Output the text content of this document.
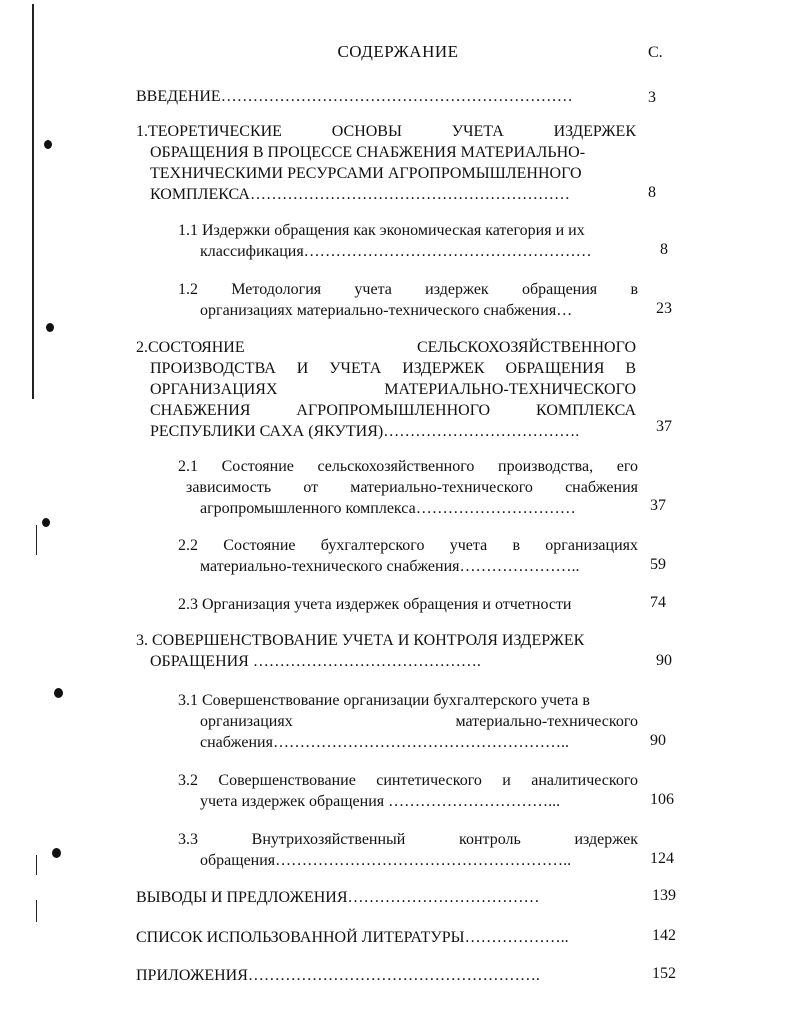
СОДЕРЖАНИЕ	С.
ВВЕДЕНИЕ…………………………………………………………	3
1.ТЕОРЕТИЧЕСКИЕ ОСНОВЫ УЧЕТА ИЗДЕРЖЕК
ОБРАЩЕНИЯ В ПРОЦЕССЕ СНАБЖЕНИЯ МАТЕРИАЛЬНО-
ТЕХНИЧЕСКИМИ РЕСУРСАМИ АГРОПРОМЫШЛЕННОГО
КОМПЛЕКСА……………………………………………………	8
1.1 Издержки обращения как экономическая категория и их
классификация………………………………………………	8
1.2 Методология учета издержек обращения в
организациях материально-технического снабжения…	23
2.СОСТОЯНИЕ СЕЛЬСКОХОЗЯЙСТВЕННОГО
ПРОИЗВОДСТВА И УЧЕТА ИЗДЕРЖЕК ОБРАЩЕНИЯ В
ОРГАНИЗАЦИЯХ МАТЕРИАЛЬНО-ТЕХНИЧЕСКОГО
СНАБЖЕНИЯ АГРОПРОМЫШЛЕННОГО КОМПЛЕКСА
РЕСПУБЛИКИ САХА (ЯКУТИЯ)……………………………….	37
2.1 Состояние сельскохозяйственного производства, его
зависимость от материально-технического снабжения
агропромышленного комплекса…………………………	37
2.2 Состояние бухгалтерского учета в организациях
материально-технического снабжения…………………..	59
2.3 Организация учета издержек обращения и отчетности	74
3. СОВЕРШЕНСТВОВАНИЕ УЧЕТА И КОНТРОЛЯ ИЗДЕРЖЕК
ОБРАЩЕНИЯ …………………………………….	90
3.1 Совершенствование организации бухгалтерского учета в
организациях материально-технического
снабжения………………………………………………..	90
3.2 Совершенствование синтетического и аналитического
учета издержек обращения …………………………...	106
3.3 Внутрихозяйственный контроль издержек
обращения………………………………………………..	124
ВЫВОДЫ И ПРЕДЛОЖЕНИЯ………………………………	139
СПИСОК ИСПОЛЬЗОВАННОЙ ЛИТЕРАТУРЫ………………..	142
ПРИЛОЖЕНИЯ……………………………………………….	152
